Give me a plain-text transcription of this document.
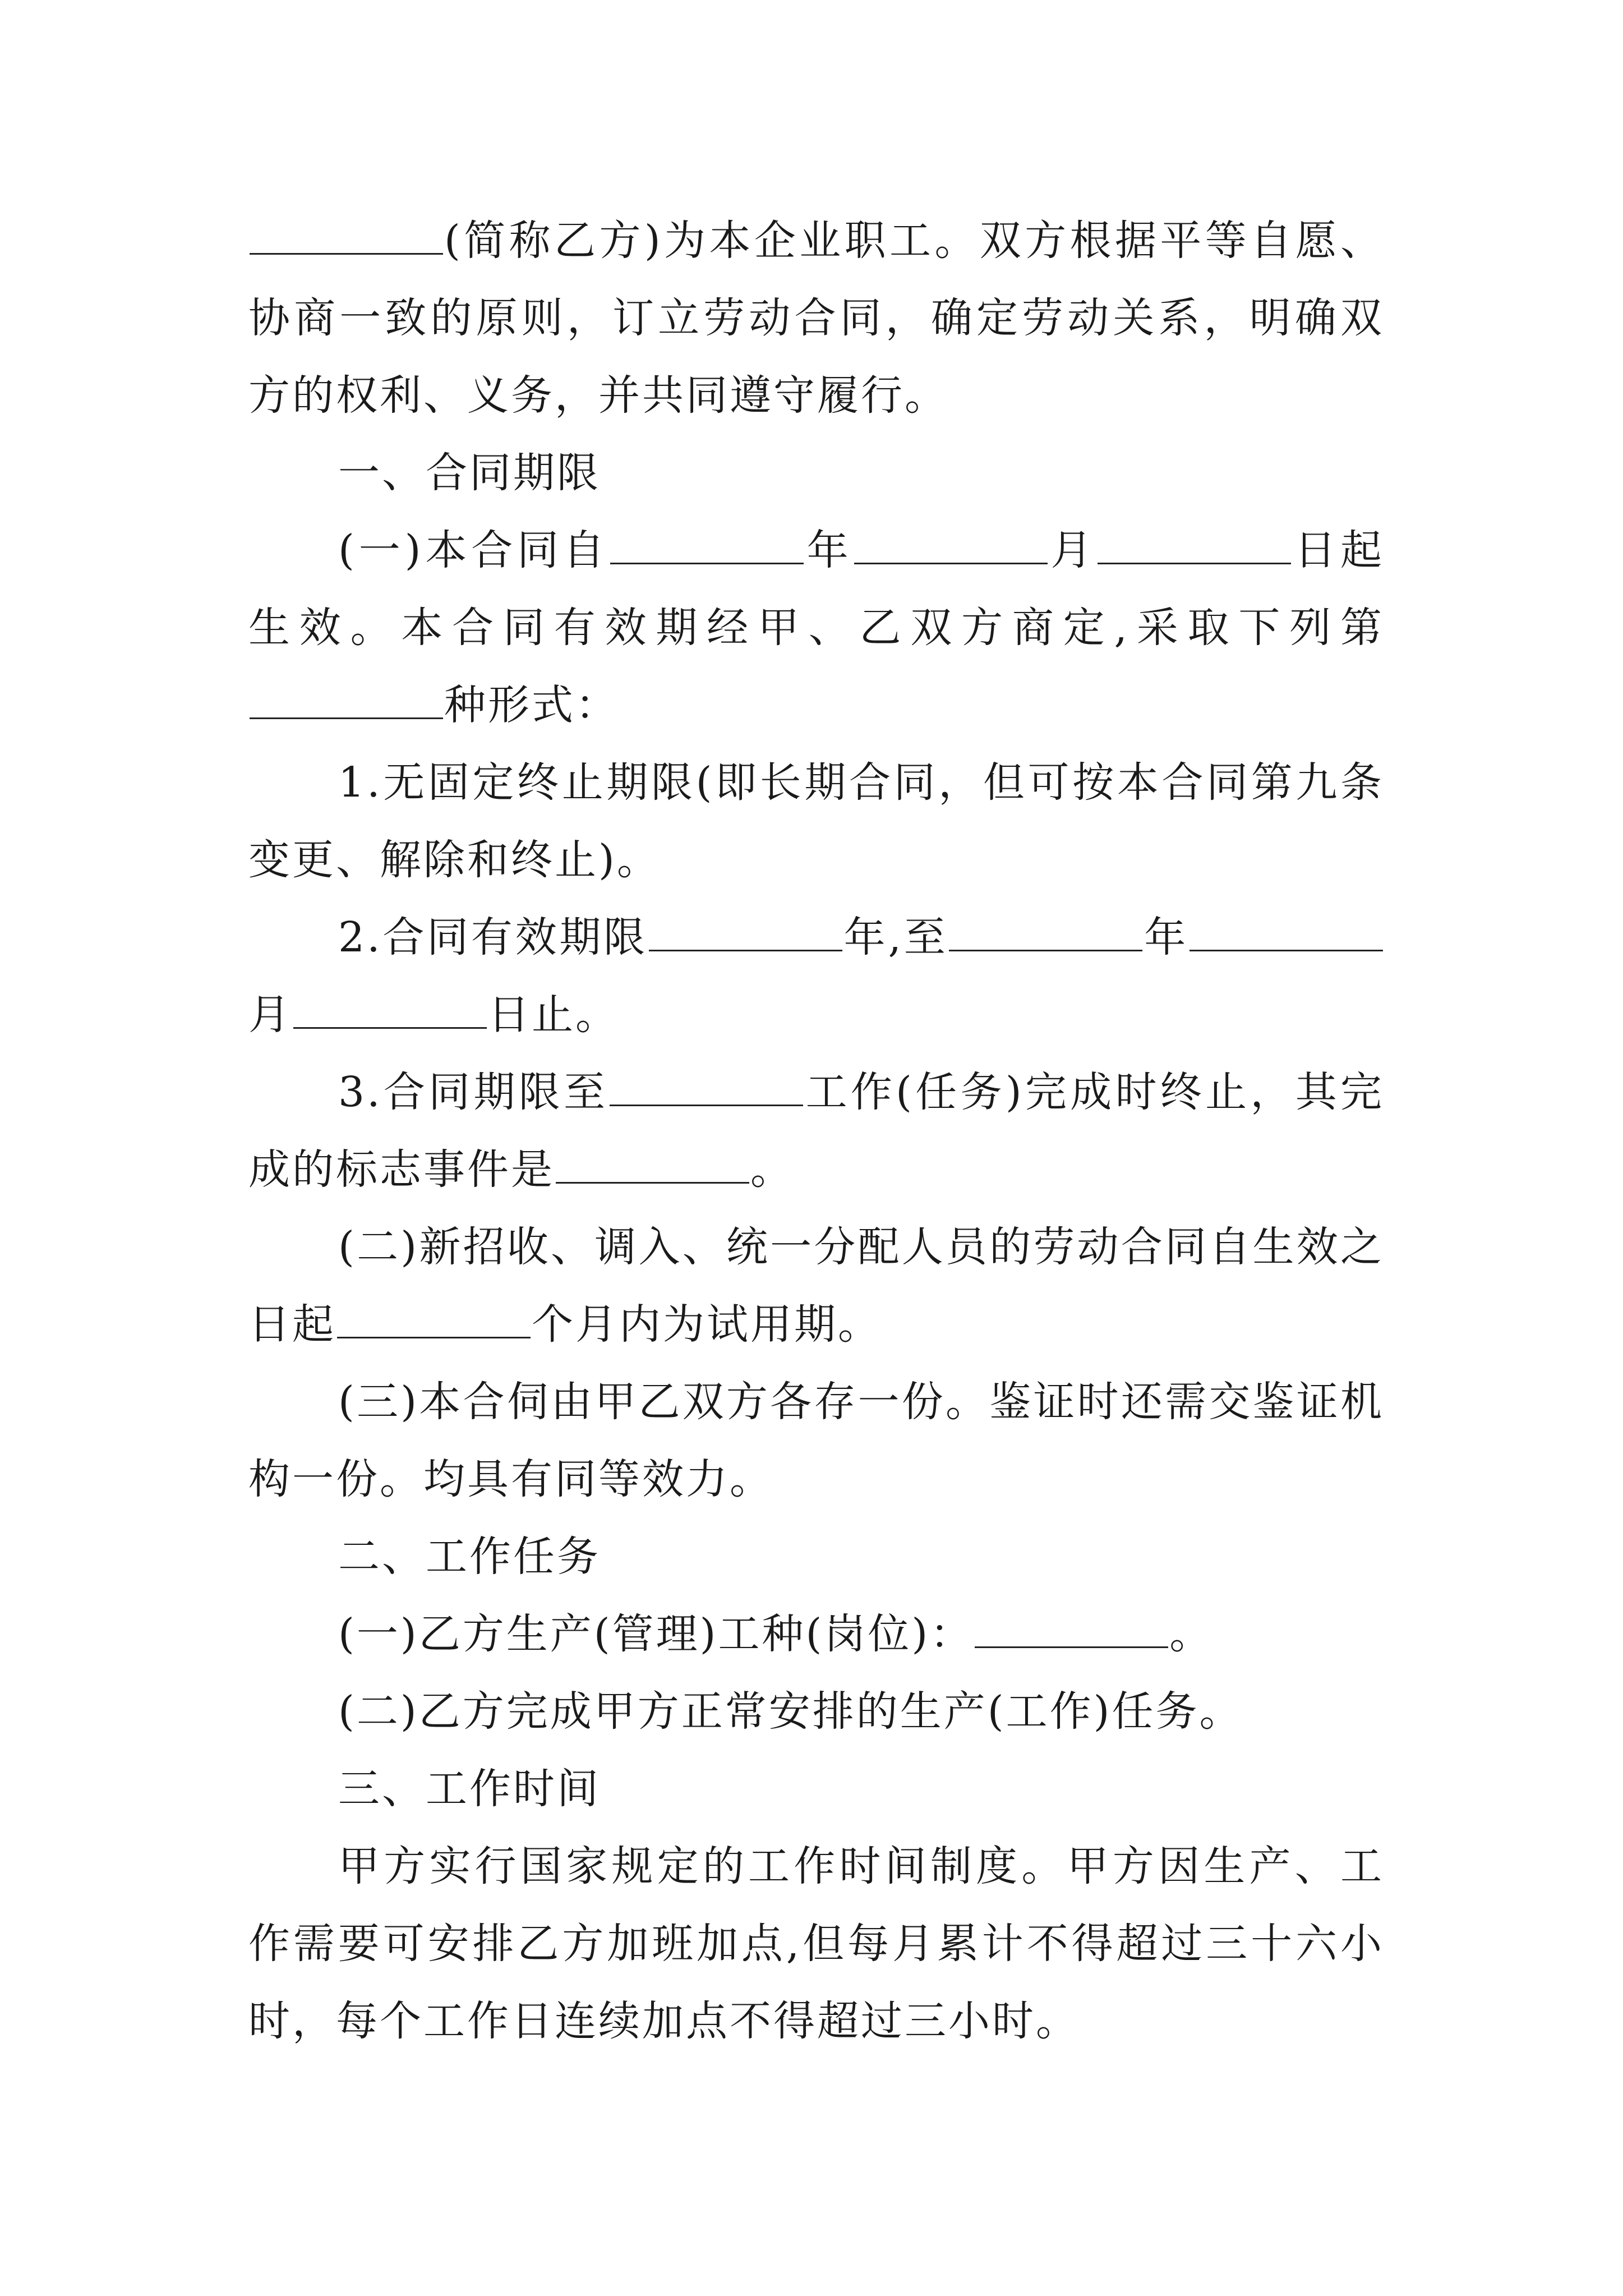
(简称乙方)为本企业职工。双方根据平等自愿、协商一致的原则，订立劳动合同，确定劳动关系，明确双方的权利、义务，并共同遵守履行。

一、合同期限

(一)本合同自	年	月	日起生效。本合同有效期经甲、乙双方商定,采取下列第种形式：

1.无固定终止期限(即长期合同，但可按本合同第九条变更、解除和终止)。

2.合同有效期限	年,至	年月	日止。

3.合同期限至	工作(任务)完成时终止，其完成的标志事件是	。

(二)新招收、调入、统一分配人员的劳动合同自生效之日起	个月内为试用期。

(三)本合伺由甲乙双方各存一份。鉴证时还需交鉴证机构一份。均具有同等效力。

二、工作任务

(一)乙方生产(管理)工种(岗位)：	。

(二)乙方完成甲方正常安排的生产(工作)任务。

三、工作时间

甲方实行国家规定的工作时间制度。甲方因生产、工作需要可安排乙方加班加点,但每月累计不得超过三十六小时，每个工作日连续加点不得超过三小时。
